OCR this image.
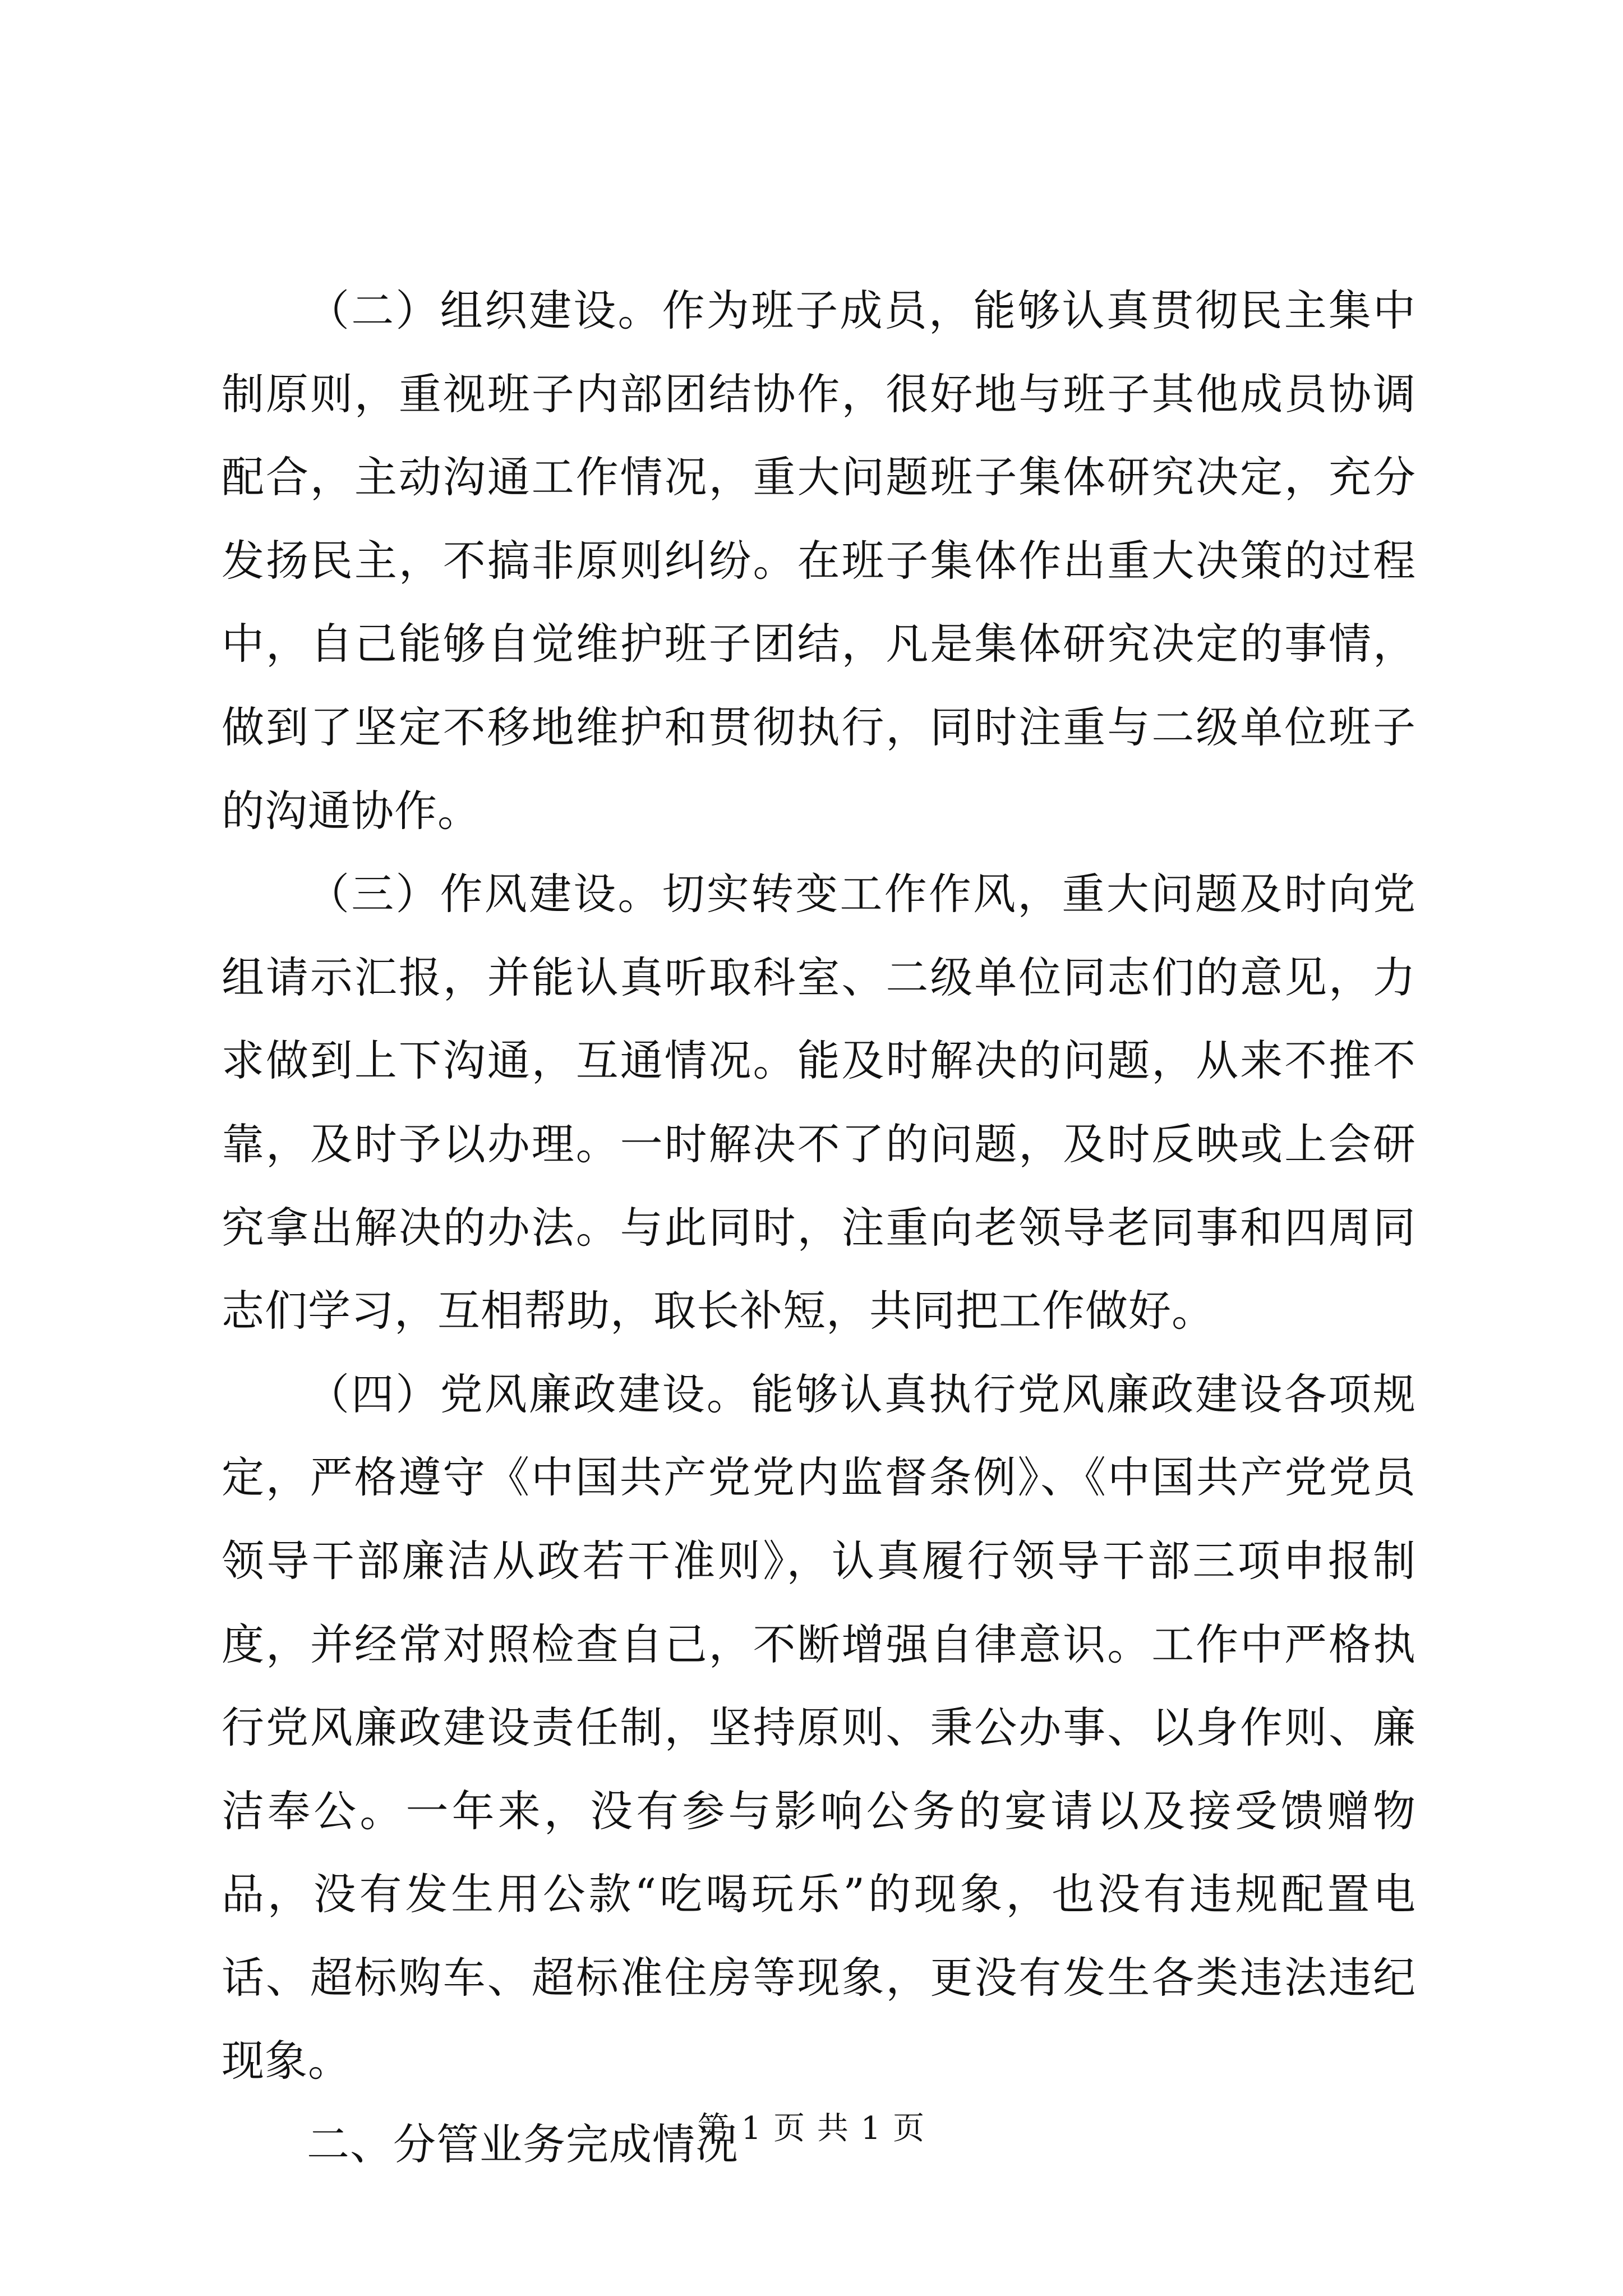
（二）组织建设。作为班子成员，能够认真贯彻民主集中制原则，重视班子内部团结协作，很好地与班子其他成员协调配合，主动沟通工作情况，重大问题班子集体研究决定，充分发扬民主，不搞非原则纠纷。在班子集体作出重大决策的过程中，自己能够自觉维护班子团结，凡是集体研究决定的事情，做到了坚定不移地维护和贯彻执行，同时注重与二级单位班子的沟通协作。

（三）作风建设。切实转变工作作风，重大问题及时向党组请示汇报，并能认真听取科室、二级单位同志们的意见，力求做到上下沟通，互通情况。能及时解决的问题，从来不推不靠，及时予以办理。一时解决不了的问题，及时反映或上会研究拿出解决的办法。与此同时，注重向老领导老同事和四周同志们学习，互相帮助，取长补短，共同把工作做好。

（四）党风廉政建设。能够认真执行党风廉政建设各项规定，严格遵守《中国共产党党内监督条例》、《中国共产党党员领导干部廉洁从政若干准则》，认真履行领导干部三项申报制度，并经常对照检查自己，不断增强自律意识。工作中严格执行党风廉政建设责任制，坚持原则、秉公办事、以身作则、廉洁奉公。一年来，没有参与影响公务的宴请以及接受馈赠物品，没有发生用公款“吃喝玩乐”的现象，也没有违规配置电话、超标购车、超标准住房等现象，更没有发生各类违法违纪现象。

二、分管业务完成情况

第 1 页 共 1 页
